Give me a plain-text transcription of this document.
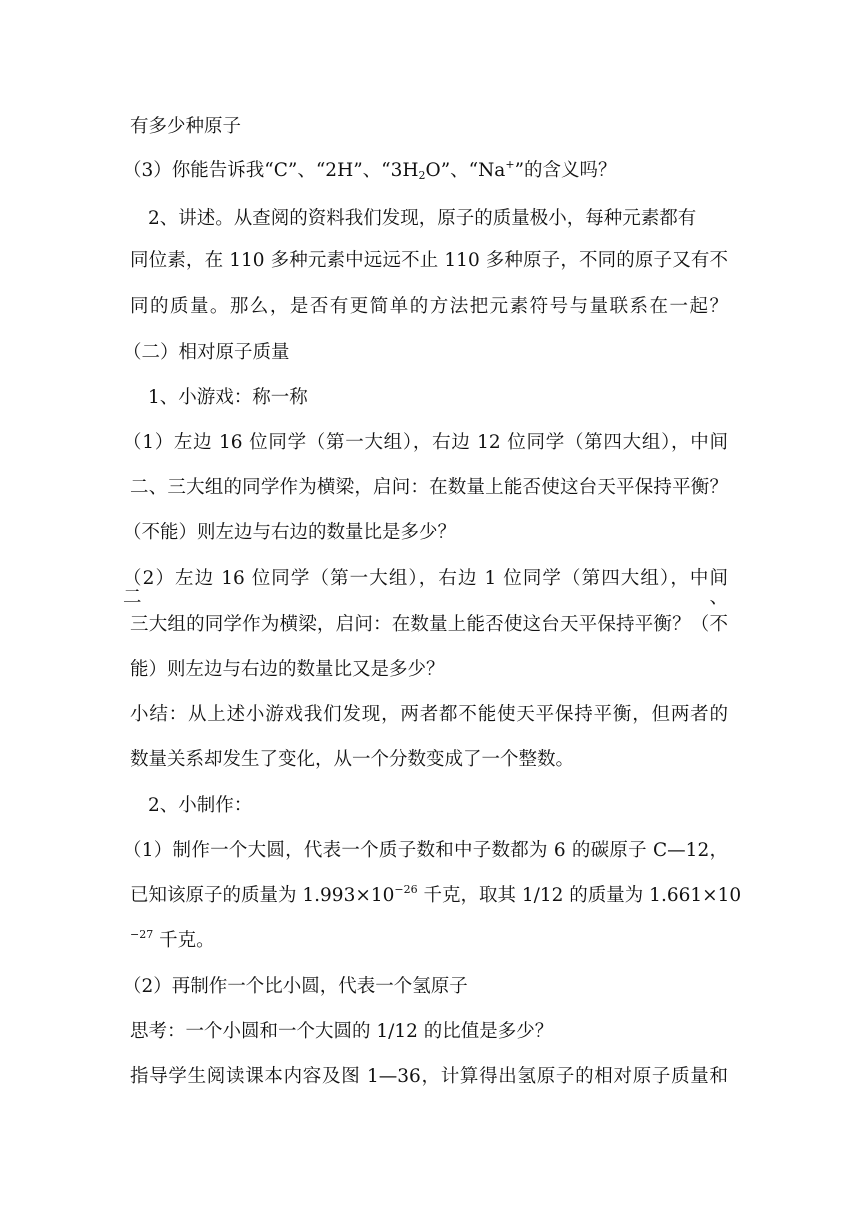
有多少种原子
（3）你能告诉我“C”、“2H”、“$3H_2O$”、“Na+”的含义吗？
2、讲述。从查阅的资料我们发现，原子的质量极小，每种元素都有
同位素，在 110 多种元素中远远不止 110 多种原子，不同的原子又有不
同的质量。那么，是否有更简单的方法把元素符号与量联系在一起？
（二）相对原子质量
1、小游戏：称一称
（1）左边 16 位同学（第一大组），右边 12 位同学（第四大组），中间
二、三大组的同学作为横梁，启问：在数量上能否使这台天平保持平衡？
（不能）则左边与右边的数量比是多少？
（2）左边 16 位同学（第一大组），右边 1 位同学（第四大组），中间二、
三大组的同学作为横梁，启问：在数量上能否使这台天平保持平衡？（不
能）则左边与右边的数量比又是多少？
小结：从上述小游戏我们发现，两者都不能使天平保持平衡，但两者的
数量关系却发生了变化，从一个分数变成了一个整数。
2、小制作：
（1）制作一个大圆，代表一个质子数和中子数都为 6 的碳原子 C—12，
已知该原子的质量为 $1.993\times 10^{-26}$ 千克，取其 1/12 的质量为 1.661×10
$^{-27}$ 千克。
（2）再制作一个比小圆，代表一个氢原子
思考：一个小圆和一个大圆的 1/12 的比值是多少？
指导学生阅读课本内容及图 1—36，计算得出氢原子的相对原子质量和
